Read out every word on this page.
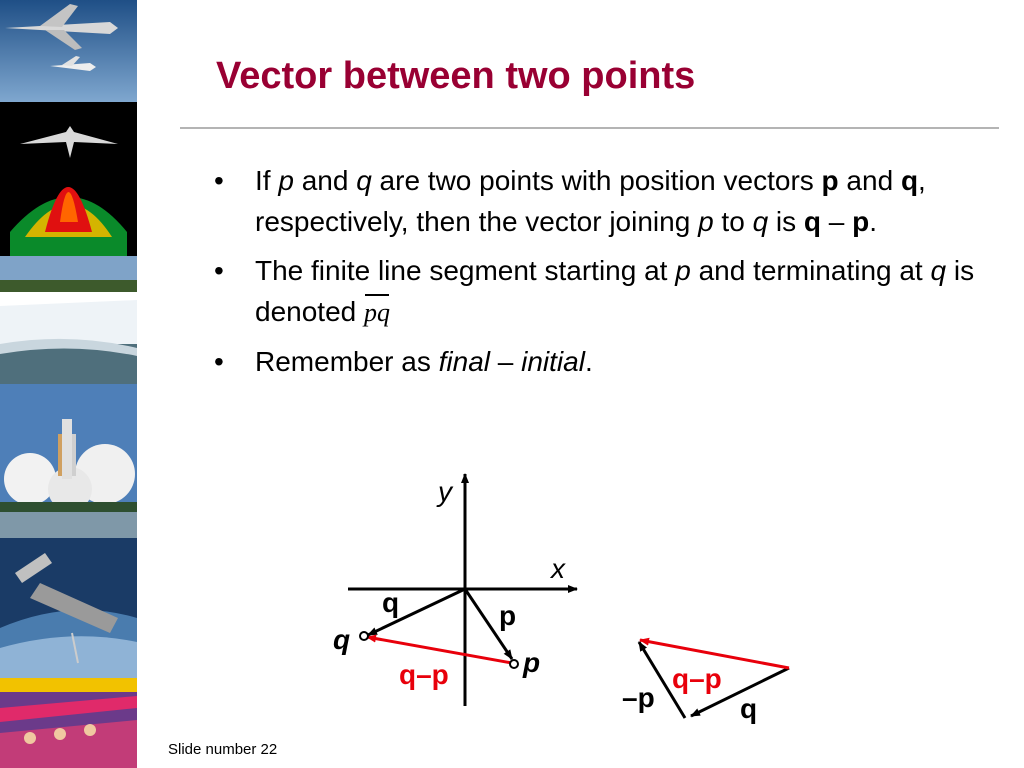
Vector between two points
• If p and q are two points with position vectors p and q, respectively, then the vector joining p to q is q – p.
• The finite line segment starting at p and terminating at q is denoted pq
• Remember as final – initial.
y
x
q	p
q
p
q–p	q–p
–p	q
Slide number 22
